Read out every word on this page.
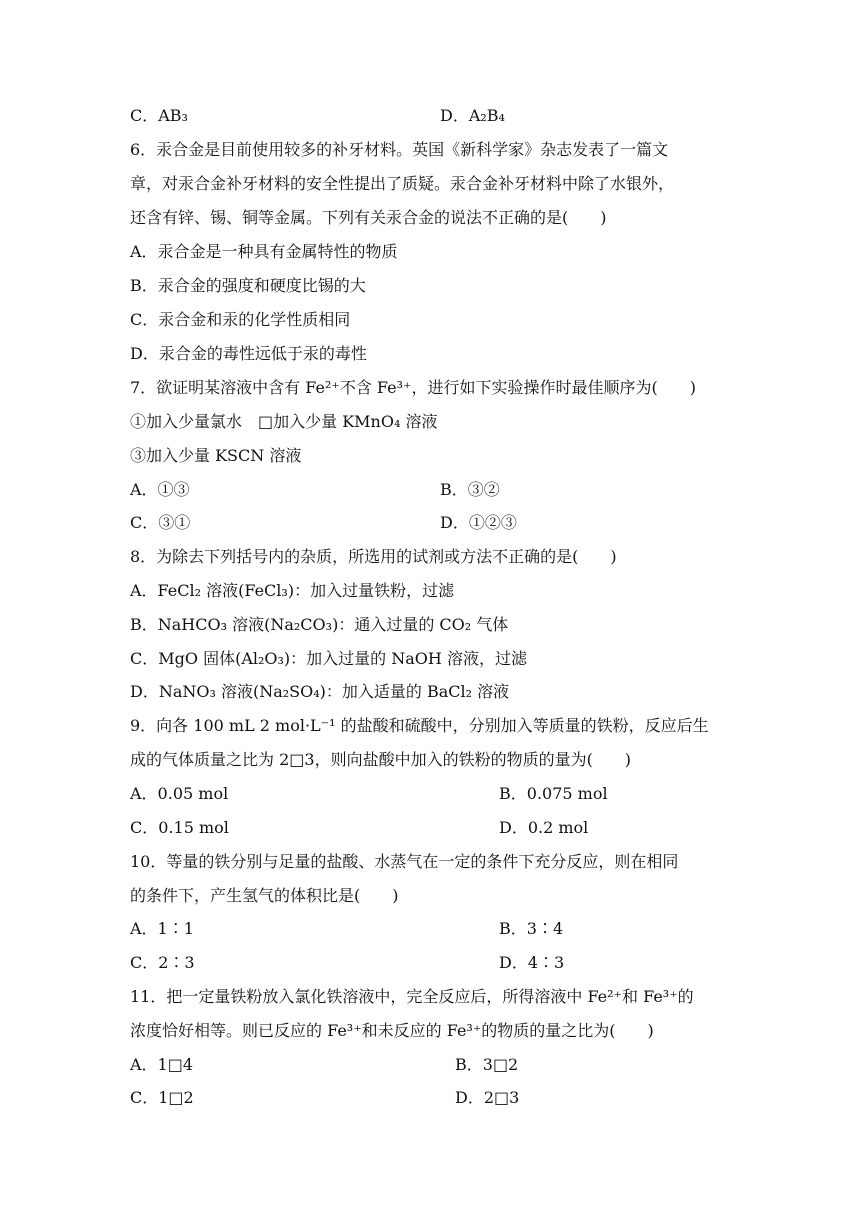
C．AB₃	D．A₂B₄
6．汞合金是目前使用较多的补牙材料。英国《新科学家》杂志发表了一篇文
章，对汞合金补牙材料的安全性提出了质疑。汞合金补牙材料中除了水银外，
还含有锌、锡、铜等金属。下列有关汞合金的说法不正确的是(　　)
A．汞合金是一种具有金属特性的物质
B．汞合金的强度和硬度比锡的大
C．汞合金和汞的化学性质相同
D．汞合金的毒性远低于汞的毒性
7．欲证明某溶液中含有 Fe²⁺不含 Fe³⁺，进行如下实验操作时最佳顺序为(　　)
①加入少量氯水　□加入少量 KMnO₄ 溶液
③加入少量 KSCN 溶液
A．①③	B．③②
C．③①	D．①②③
8．为除去下列括号内的杂质，所选用的试剂或方法不正确的是(　　)
A．FeCl₂ 溶液(FeCl₃)：加入过量铁粉，过滤
B．NaHCO₃ 溶液(Na₂CO₃)：通入过量的 CO₂ 气体
C．MgO 固体(Al₂O₃)：加入过量的 NaOH 溶液，过滤
D．NaNO₃ 溶液(Na₂SO₄)：加入适量的 BaCl₂ 溶液
9．向各 100 mL 2 mol·L⁻¹ 的盐酸和硫酸中，分别加入等质量的铁粉，反应后生
成的气体质量之比为 2□3，则向盐酸中加入的铁粉的物质的量为(　　)
A．0.05 mol	B．0.075 mol
C．0.15 mol	D．0.2 mol
10．等量的铁分别与足量的盐酸、水蒸气在一定的条件下充分反应，则在相同
的条件下，产生氢气的体积比是(　　)
A．1∶1	B．3∶4
C．2∶3	D．4∶3
11．把一定量铁粉放入氯化铁溶液中，完全反应后，所得溶液中 Fe²⁺和 Fe³⁺的
浓度恰好相等。则已反应的 Fe³⁺和未反应的 Fe³⁺的物质的量之比为(　　)
A．1□4	B．3□2
C．1□2	D．2□3
